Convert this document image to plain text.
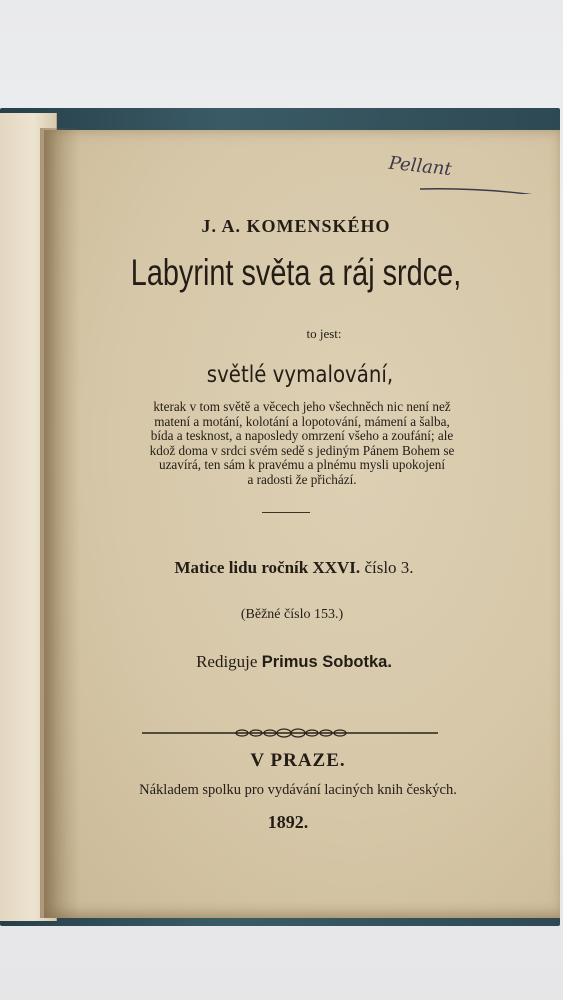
Pellant
J. A. KOMENSKÉHO
Labyrint světa a ráj srdce,
to jest:
světlé vymalování,
kterak v tom světě a věcech jeho všechněch nic není než
matení a motání, kolotání a lopotování, mámení a šalba,
bída a tesknost, a naposledy omrzení všeho a zoufání; ale
kdož doma v srdci svém sedě s jediným Pánem Bohem se
uzavírá, ten sám k pravému a plnému mysli upokojení
a radosti že přichází.
Matice lidu ročník XXVI. číslo 3.
(Běžné číslo 153.)
Rediguje Primus Sobotka.
V PRAZE.
Nákladem spolku pro vydávání laciných knih českých.
1892.
